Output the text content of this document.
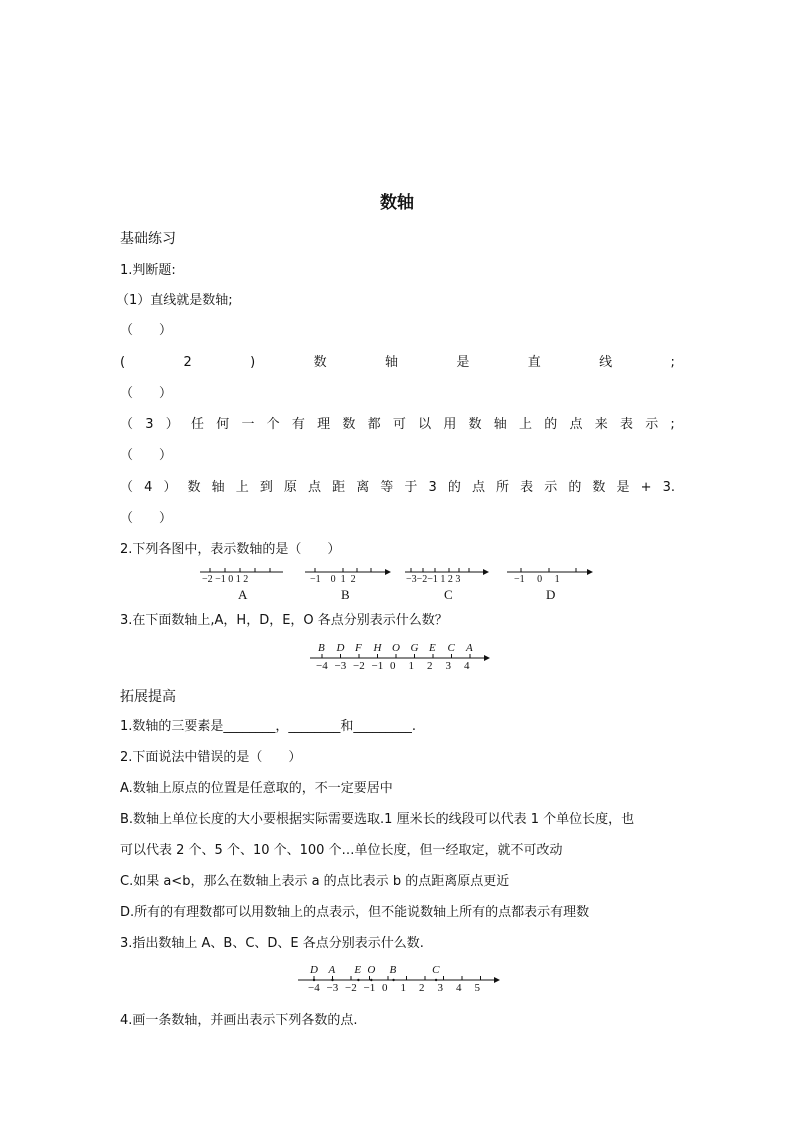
数轴
基础练习
1.判断题:
（1）直线就是数轴;
（　　）
(	2	)	数	轴	是	直	线	;
（　　）
（ 3 ） 任 何 一 个 有 理 数 都 可 以 用 数 轴 上 的 点 来 表 示 ;
（　　）
（ 4 ） 数 轴 上 到 原 点 距 离 等 于 3 的 点 所 表 示 的 数 是 + 3.
（　　）
2.下列各图中，表示数轴的是（　　）
−2 −1 0 1 2	−1    0  1  2	−3−2−1 1 2 3	−1     0     1
A	B	C	D
3.在下面数轴上,A，H，D，E，O 各点分别表示什么数？
−4
B
−3
D
−2
F
−1
H
0
O
1
G
2
E
3
C
4
A
拓展提高
1.数轴的三要素是________，________和_________.
2.下面说法中错误的是（　　）
A.数轴上原点的位置是任意取的，不一定要居中
B.数轴上单位长度的大小要根据实际需要选取.1 厘米长的线段可以代表 1 个单位长度，也
可以代表 2 个、5 个、10 个、100 个…单位长度，但一经取定，就不可改动
C.如果 a<b，那么在数轴上表示 a 的点比表示 b 的点距离原点更近
D.所有的有理数都可以用数轴上的点表示，但不能说数轴上所有的点都表示有理数
3.指出数轴上 A、B、C、D、E 各点分别表示什么数.
−4 −3 −2 −1 0 1 2 3 4 5
D A E O B	C
4.画一条数轴，并画出表示下列各数的点.
